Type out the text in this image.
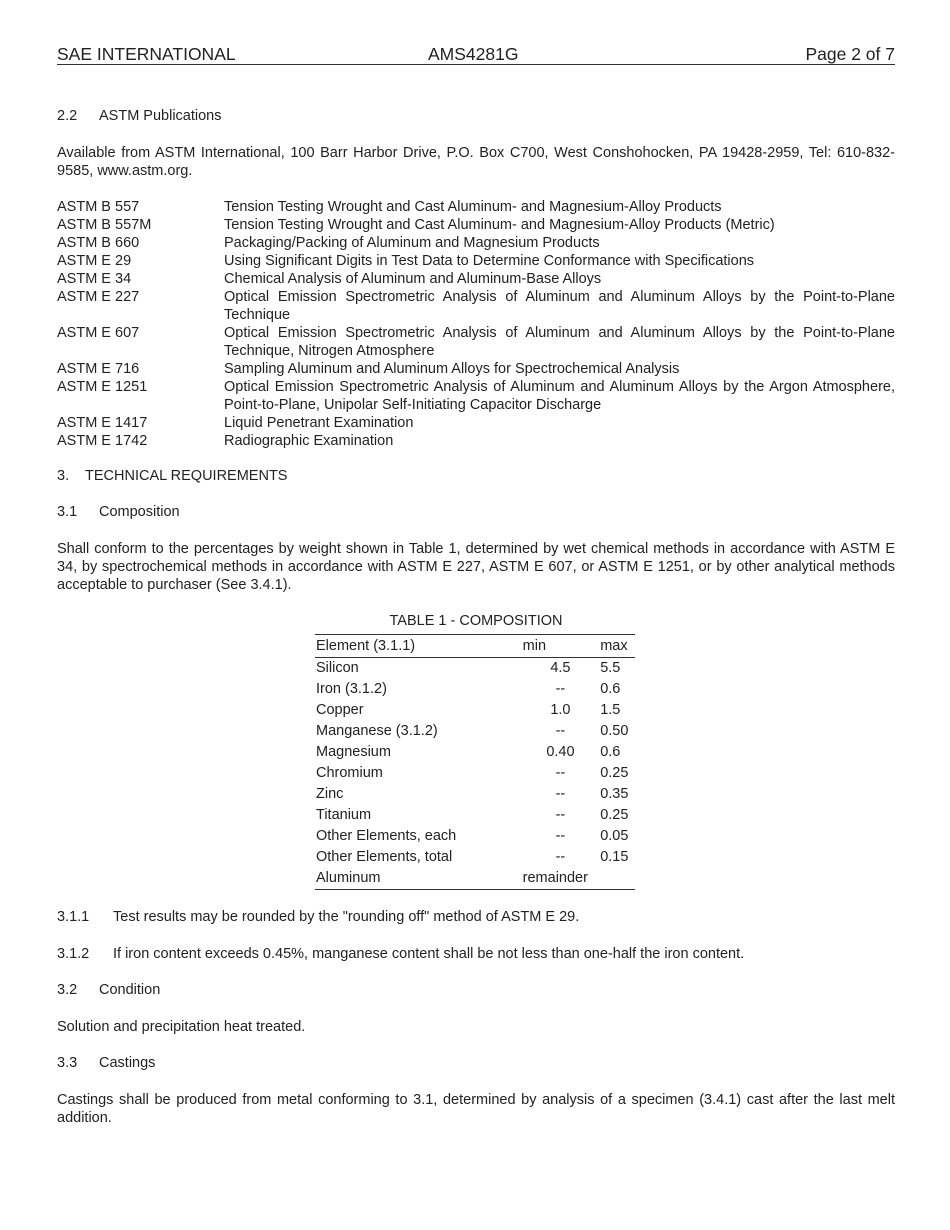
SAE INTERNATIONAL	AMS4281G	Page 2 of 7
2.2 ASTM Publications
Available from ASTM International, 100 Barr Harbor Drive, P.O. Box C700, West Conshohocken, PA 19428-2959, Tel: 610-832-9585, www.astm.org.
ASTM B 557	Tension Testing Wrought and Cast Aluminum- and Magnesium-Alloy Products
ASTM B 557M	Tension Testing Wrought and Cast Aluminum- and Magnesium-Alloy Products (Metric)
ASTM B 660	Packaging/Packing of Aluminum and Magnesium Products
ASTM E 29	Using Significant Digits in Test Data to Determine Conformance with Specifications
ASTM E 34	Chemical Analysis of Aluminum and Aluminum-Base Alloys
ASTM E 227	Optical Emission Spectrometric Analysis of Aluminum and Aluminum Alloys by the Point-to-Plane Technique
ASTM E 607	Optical Emission Spectrometric Analysis of Aluminum and Aluminum Alloys by the Point-to-Plane Technique, Nitrogen Atmosphere
ASTM E 716	Sampling Aluminum and Aluminum Alloys for Spectrochemical Analysis
ASTM E 1251	Optical Emission Spectrometric Analysis of Aluminum and Aluminum Alloys by the Argon Atmosphere, Point-to-Plane, Unipolar Self-Initiating Capacitor Discharge
ASTM E 1417	Liquid Penetrant Examination
ASTM E 1742	Radiographic Examination
3. TECHNICAL REQUIREMENTS
3.1 Composition
Shall conform to the percentages by weight shown in Table 1, determined by wet chemical methods in accordance with ASTM E 34, by spectrochemical methods in accordance with ASTM E 227, ASTM E 607, or ASTM E 1251, or by other analytical methods acceptable to purchaser (See 3.4.1).
TABLE 1 - COMPOSITION
Element (3.1.1)	min	max
Silicon	4.5	5.5
Iron (3.1.2)	--	0.6
Copper	1.0	1.5
Manganese (3.1.2)	--	0.50
Magnesium	0.40	0.6
Chromium	--	0.25
Zinc	--	0.35
Titanium	--	0.25
Other Elements, each	--	0.05
Other Elements, total	--	0.15
Aluminum	remainder	
3.1.1 Test results may be rounded by the "rounding off" method of ASTM E 29.
3.1.2 If iron content exceeds 0.45%, manganese content shall be not less than one-half the iron content.
3.2 Condition
Solution and precipitation heat treated.
3.3 Castings
Castings shall be produced from metal conforming to 3.1, determined by analysis of a specimen (3.4.1) cast after the last melt addition.
